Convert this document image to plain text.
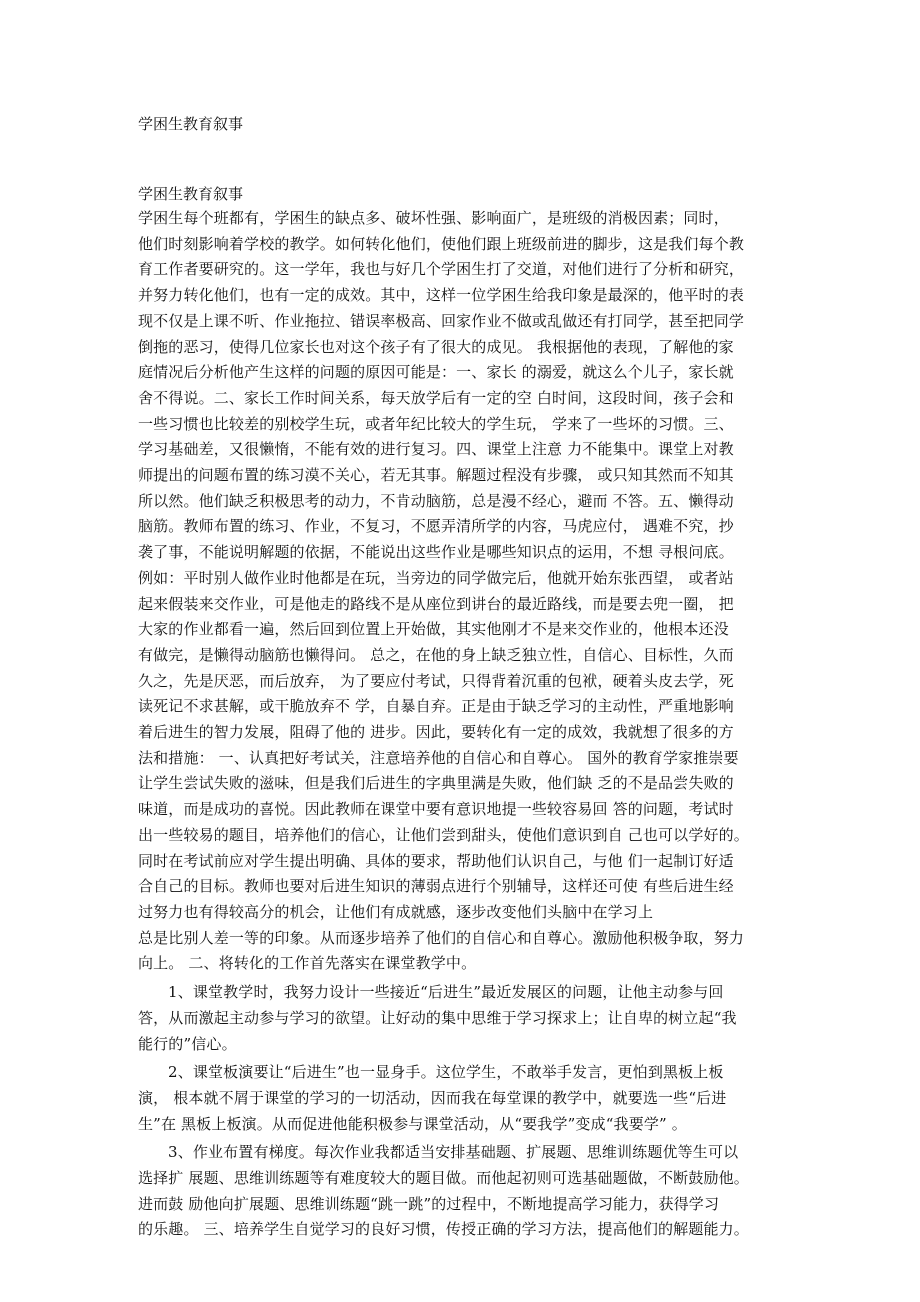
学困生教育叙事
学困生教育叙事
学困生每个班都有，学困生的缺点多、破坏性强、影响面广，是班级的消极因素；同时，
他们时刻影响着学校的教学。如何转化他们，使他们跟上班级前进的脚步，这是我们每个教
育工作者要研究的。这一学年，我也与好几个学困生打了交道，对他们进行了分析和研究，
并努力转化他们，也有一定的成效。其中，这样一位学困生给我印象是最深的，他平时的表
现不仅是上课不听、作业拖拉、错误率极高、回家作业不做或乱做还有打同学，甚至把同学
倒拖的恶习，使得几位家长也对这个孩子有了很大的成见。 我根据他的表现，了解他的家
庭情况后分析他产生这样的问题的原因可能是：一、家长 的溺爱，就这么个儿子，家长就
舍不得说。二、家长工作时间关系，每天放学后有一定的空 白时间，这段时间，孩子会和
一些习惯也比较差的别校学生玩，或者年纪比较大的学生玩， 学来了一些坏的习惯。三、
学习基础差，又很懒惰，不能有效的进行复习。四、课堂上注意 力不能集中。课堂上对教
师提出的问题布置的练习漠不关心，若无其事。解题过程没有步骤， 或只知其然而不知其
所以然。他们缺乏积极思考的动力，不肯动脑筋，总是漫不经心，避而 不答。五、懒得动
脑筋。教师布置的练习、作业，不复习，不愿弄清所学的内容，马虎应付， 遇难不究，抄
袭了事，不能说明解题的依据，不能说出这些作业是哪些知识点的运用，不想 寻根问底。
例如：平时别人做作业时他都是在玩，当旁边的同学做完后，他就开始东张西望， 或者站
起来假装来交作业，可是他走的路线不是从座位到讲台的最近路线，而是要去兜一圈， 把
大家的作业都看一遍，然后回到位置上开始做，其实他刚才不是来交作业的，他根本还没
有做完，是懒得动脑筋也懒得问。 总之，在他的身上缺乏独立性，自信心、目标性，久而
久之，先是厌恶，而后放弃， 为了要应付考试，只得背着沉重的包袱，硬着头皮去学，死
读死记不求甚解，或干脆放弃不 学，自暴自弃。正是由于缺乏学习的主动性，严重地影响
着后进生的智力发展，阻碍了他的 进步。因此，要转化有一定的成效，我就想了很多的方
法和措施： 一、认真把好考试关，注意培养他的自信心和自尊心。 国外的教育学家推崇要
让学生尝试失败的滋味，但是我们后进生的字典里满是失败，他们缺 乏的不是品尝失败的
味道，而是成功的喜悦。因此教师在课堂中要有意识地提一些较容易回 答的问题，考试时
出一些较易的题目，培养他们的信心，让他们尝到甜头，使他们意识到自 己也可以学好的。
同时在考试前应对学生提出明确、具体的要求，帮助他们认识自己，与他 们一起制订好适
合自己的目标。教师也要对后进生知识的薄弱点进行个别辅导，这样还可使 有些后进生经
过努力也有得较高分的机会，让他们有成就感，逐步改变他们头脑中在学习上
总是比别人差一等的印象。从而逐步培养了他们的自信心和自尊心。激励他积极争取，努力
向上。 二、将转化的工作首先落实在课堂教学中。
1、课堂教学时，我努力设计一些接近“后进生”最近发展区的问题，让他主动参与回
答，从而激起主动参与学习的欲望。让好动的集中思维于学习探求上；让自卑的树立起“我
能行的”信心。
2、课堂板演要让“后进生”也一显身手。这位学生，不敢举手发言，更怕到黑板上板
演， 根本就不屑于课堂的学习的一切活动，因而我在每堂课的教学中，就要选一些“后进
生”在 黑板上板演。从而促进他能积极参与课堂活动，从“要我学”变成“我要学” 。
3、作业布置有梯度。每次作业我都适当安排基础题、扩展题、思维训练题优等生可以
选择扩 展题、思维训练题等有难度较大的题目做。而他起初则可选基础题做，不断鼓励他。
进而鼓 励他向扩展题、思维训练题“跳一跳”的过程中，不断地提高学习能力，获得学习
的乐趣。 三、培养学生自觉学习的良好习惯，传授正确的学习方法，提高他们的解题能力。
